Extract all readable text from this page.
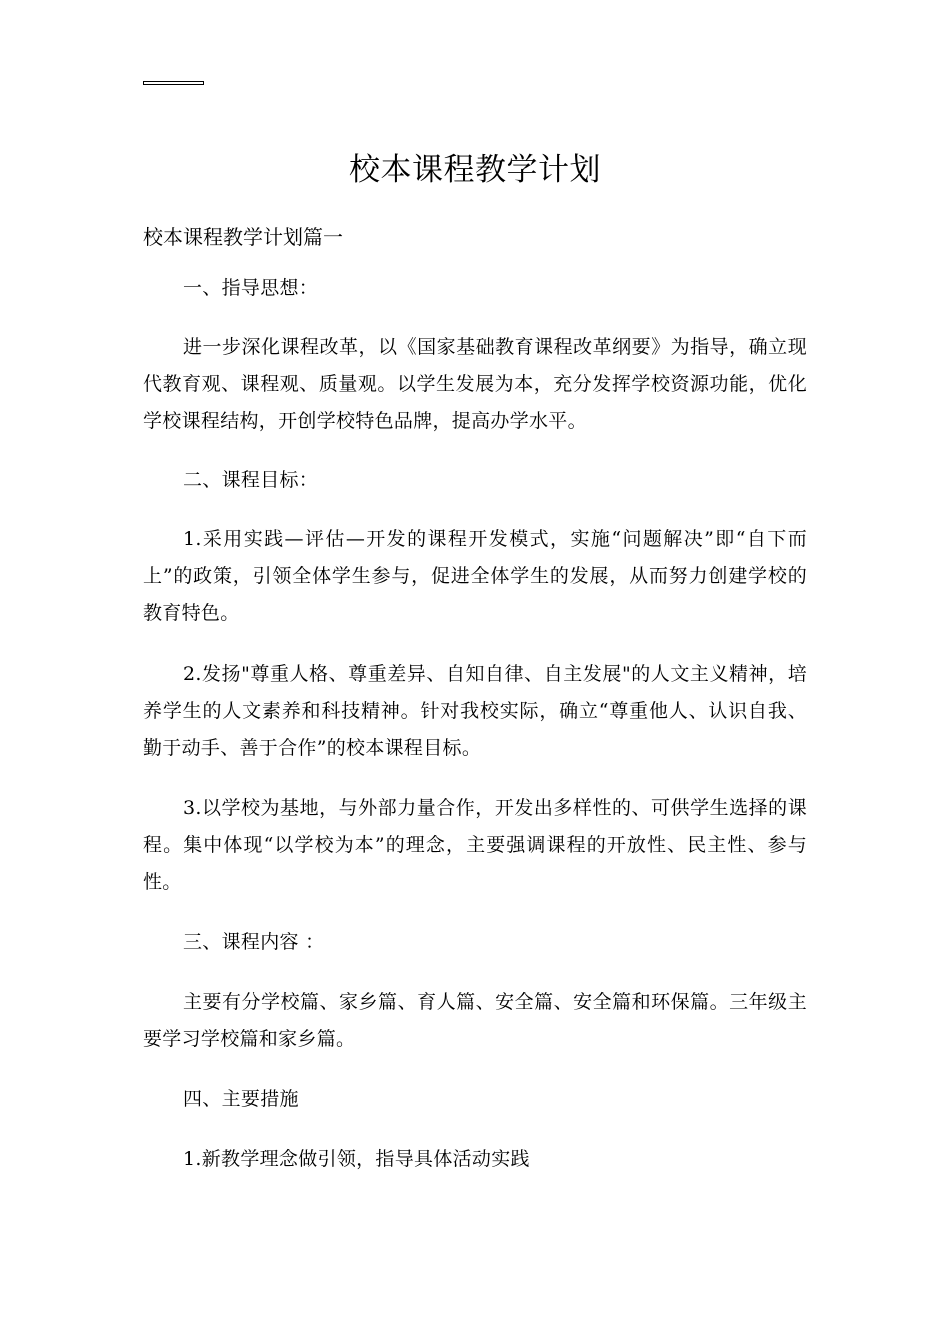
校本课程教学计划
校本课程教学计划篇一
一、指导思想：
进一步深化课程改革，以《国家基础教育课程改革纲要》为指导，确立现代教育观、课程观、质量观。以学生发展为本，充分发挥学校资源功能，优化学校课程结构，开创学校特色品牌，提高办学水平。
二、课程目标：
1.采用实践—评估—开发的课程开发模式，实施“问题解决”即“自下而上”的政策，引领全体学生参与，促进全体学生的发展，从而努力创建学校的教育特色。
2.发扬"尊重人格、尊重差异、自知自律、自主发展"的人文主义精神，培养学生的人文素养和科技精神。针对我校实际，确立“尊重他人、认识自我、勤于动手、善于合作”的校本课程目标。
3.以学校为基地，与外部力量合作，开发出多样性的、可供学生选择的课程。集中体现“以学校为本”的理念，主要强调课程的开放性、民主性、参与性。
三、课程内容 ：
主要有分学校篇、家乡篇、育人篇、安全篇、安全篇和环保篇。三年级主要学习学校篇和家乡篇。
四、主要措施
1.新教学理念做引领，指导具体活动实践
